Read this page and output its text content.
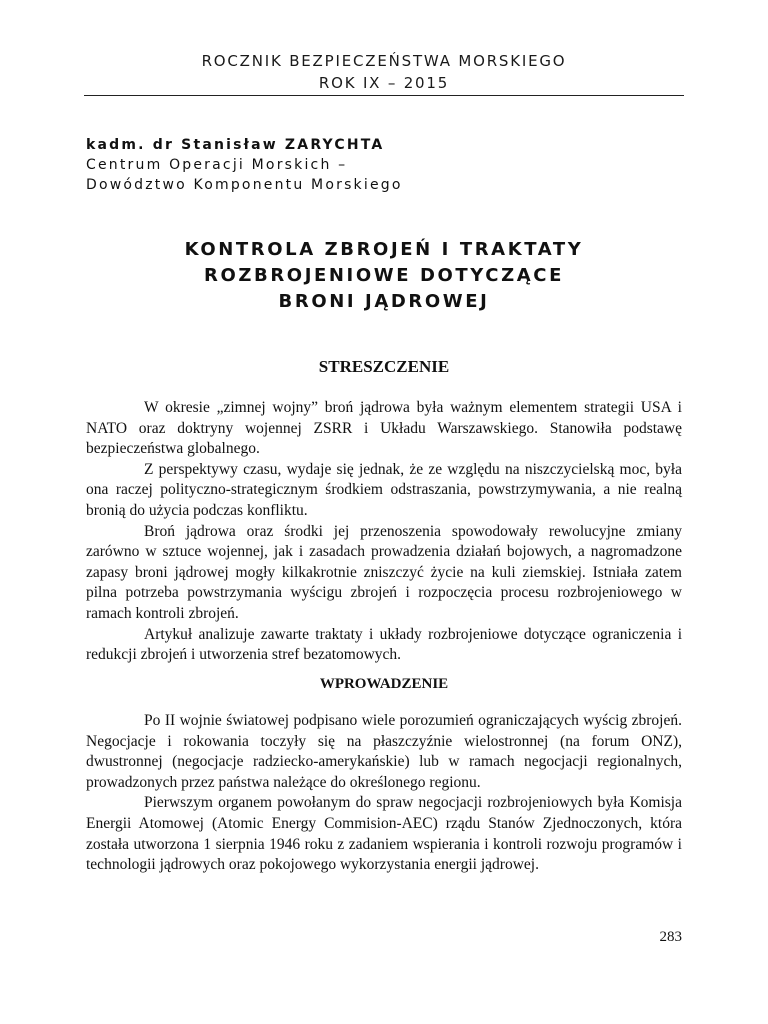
ROCZNIK BEZPIECZEŃSTWA MORSKIEGO
ROK IX – 2015
kadm. dr Stanisław ZARYCHTA
Centrum Operacji Morskich –
Dowództwo Komponentu Morskiego
KONTROLA ZBROJEŃ I TRAKTATY
ROZBROJENIOWE DOTYCZĄCE
BRONI JĄDROWEJ
STRESZCZENIE

W okresie „zimnej wojny” broń jądrowa była ważnym elementem strategii USA i NATO oraz doktryny wojennej ZSRR i Układu Warszawskiego. Stanowiła podstawę bezpieczeństwa globalnego.

Z perspektywy czasu, wydaje się jednak, że ze względu na niszczycielską moc, była ona raczej polityczno-strategicznym środkiem odstraszania, powstrzymywania, a nie realną bronią do użycia podczas konfliktu.

Broń jądrowa oraz środki jej przenoszenia spowodowały rewolucyjne zmiany zarówno w sztuce wojennej, jak i zasadach prowadzenia działań bojowych, a nagromadzone zapasy broni jądrowej mogły kilkakrotnie zniszczyć życie na kuli ziemskiej. Istniała zatem pilna potrzeba powstrzymania wyścigu zbrojeń i rozpoczęcia procesu rozbrojeniowego w ramach kontroli zbrojeń.

Artykuł analizuje zawarte traktaty i układy rozbrojeniowe dotyczące ograniczenia i redukcji zbrojeń i utworzenia stref bezatomowych.

WPROWADZENIE

Po II wojnie światowej podpisano wiele porozumień ograniczających wyścig zbrojeń. Negocjacje i rokowania toczyły się na płaszczyźnie wielostronnej (na forum ONZ), dwustronnej (negocjacje radziecko-amerykańskie) lub w ramach negocjacji regionalnych, prowadzonych przez państwa należące do określonego regionu.

Pierwszym organem powołanym do spraw negocjacji rozbrojeniowych była Komisja Energii Atomowej (Atomic Energy Commision-AEC) rządu Stanów Zjednoczonych, która została utworzona 1 sierpnia 1946 roku z zadaniem wspierania i kontroli rozwoju programów i technologii jądrowych oraz pokojowego wykorzystania energii jądrowej.

283
